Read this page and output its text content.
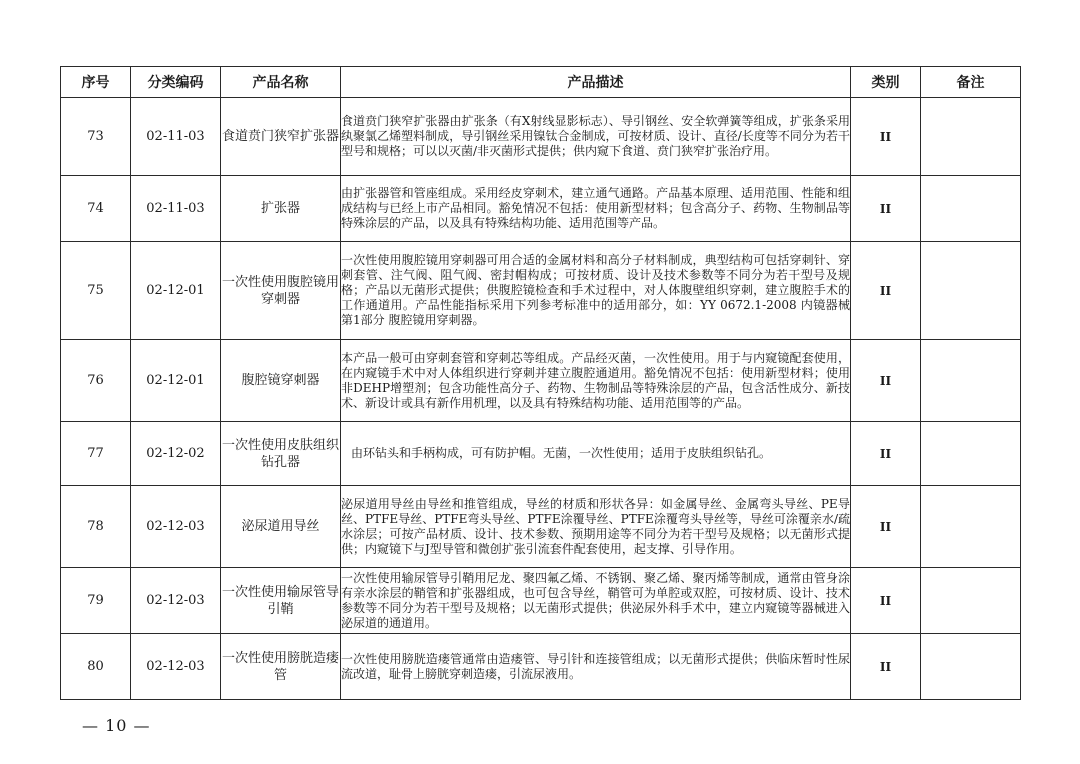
序号	分类编码	产品名称	产品描述	类别	备注
73	02-11-03	食道贲门狭窄扩张器	食道贲门狭窄扩张器由扩张条（有X射线显影标志）、导引钢丝、安全软弹簧等组成，扩张条采用纨聚氯乙烯塑料制成，导引钢丝采用镍钛合金制成，可按材质、设计、直径/长度等不同分为若干型号和规格；可以以灭菌/非灭菌形式提供；供内窥下食道、贲门狭窄扩张治疗用。	II	
74	02-11-03	扩张器	由扩张器管和管座组成。采用经皮穿刺术，建立通气通路。产品基本原理、适用范围、性能和组成结构与已经上市产品相同。豁免情况不包括：使用新型材料；包含高分子、药物、生物制品等特殊涂层的产品，以及具有特殊结构功能、适用范围等产品。	II	
75	02-12-01	一次性使用腹腔镜用穿刺器	一次性使用腹腔镜用穿刺器可用合适的金属材料和高分子材料制成，典型结构可包括穿刺针、穿刺套管、注气阀、阻气阀、密封帽构成；可按材质、设计及技术参数等不同分为若干型号及规格；产品以无菌形式提供；供腹腔镜检查和手术过程中，对人体腹壁组织穿刺，建立腹腔手术的工作通道用。产品性能指标采用下列参考标准中的适用部分，如：YY 0672.1-2008 内镜器械 第1部分 腹腔镜用穿刺器。	II	
76	02-12-01	腹腔镜穿刺器	本产品一般可由穿刺套管和穿刺芯等组成。产品经灭菌，一次性使用。用于与内窥镜配套使用，在内窥镜手术中对人体组织进行穿刺并建立腹腔通道用。豁免情况不包括：使用新型材料；使用非DEHP增塑剂；包含功能性高分子、药物、生物制品等特殊涂层的产品，包含活性成分、新技术、新设计或具有新作用机理，以及具有特殊结构功能、适用范围等的产品。	II	
77	02-12-02	一次性使用皮肤组织钻孔器	由环钻头和手柄构成，可有防护帽。无菌，一次性使用；适用于皮肤组织钻孔。	II	
78	02-12-03	泌尿道用导丝	泌尿道用导丝由导丝和推管组成，导丝的材质和形状各异：如金属导丝、金属弯头导丝、PE导丝、PTFE导丝、PTFE弯头导丝、PTFE涂覆导丝、PTFE涂覆弯头导丝等，导丝可涂覆亲水/疏水涂层；可按产品材质、设计、技术参数、预期用途等不同分为若干型号及规格；以无菌形式提供；内窥镜下与J型导管和微创扩张引流套件配套使用，起支撑、引导作用。	II	
79	02-12-03	一次性使用输尿管导引鞘	一次性使用输尿管导引鞘用尼龙、聚四氟乙烯、不锈钢、聚乙烯、聚丙烯等制成，通常由管身涂有亲水涂层的鞘管和扩张器组成，也可包含导丝，鞘管可为单腔或双腔，可按材质、设计、技术参数等不同分为若干型号及规格；以无菌形式提供；供泌尿外科手术中，建立内窥镜等器械进入泌尿道的通道用。	II	
80	02-12-03	一次性使用膀胱造瘘管	一次性使用膀胱造瘘管通常由造瘘管、导引针和连接管组成；以无菌形式提供；供临床暂时性尿流改道，耻骨上膀胱穿刺造瘘，引流尿液用。	II	
— 10 —
